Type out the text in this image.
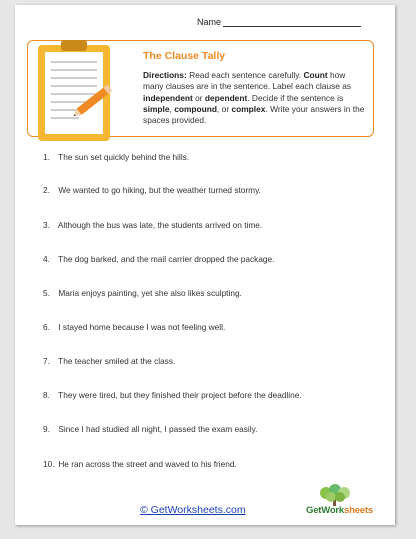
Name
The Clause Tally
Directions: Read each sentence carefully. Count how many clauses are in the sentence. Label each clause as independent or dependent. Decide if the sentence is simple, compound, or complex. Write your answers in the spaces provided.
1. The sun set quickly behind the hills.
2. We wanted to go hiking, but the weather turned stormy.
3. Although the bus was late, the students arrived on time.
4. The dog barked, and the mail carrier dropped the package.
5. Maria enjoys painting, yet she also likes sculpting.
6. I stayed home because I was not feeling well.
7. The teacher smiled at the class.
8. They were tired, but they finished their project before the deadline.
9. Since I had studied all night, I passed the exam easily.
10. He ran across the street and waved to his friend.
© GetWorksheets.com	GetWorksheets
